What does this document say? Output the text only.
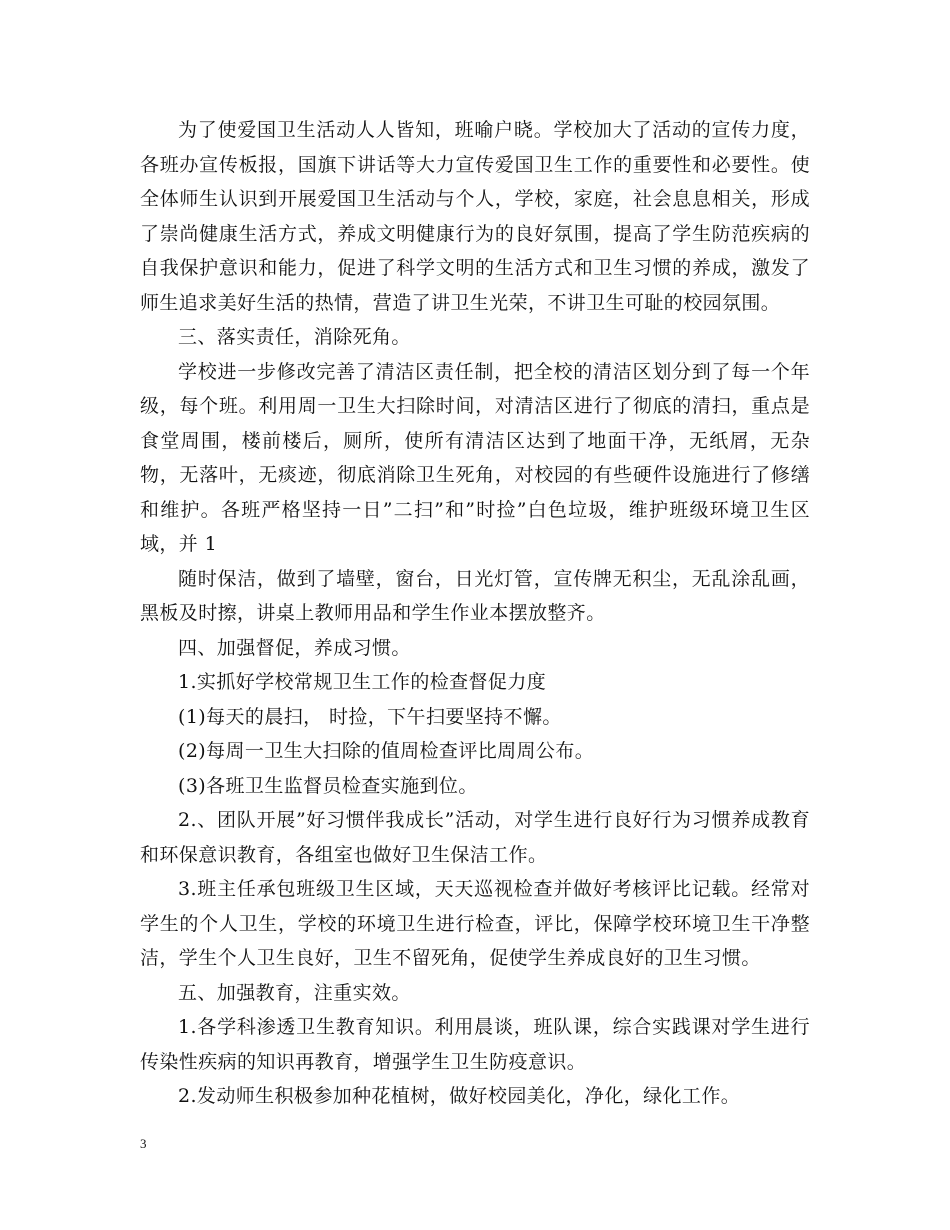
为了使爱国卫生活动人人皆知，班喻户晓。学校加大了活动的宣传力度，各班办宣传板报，国旗下讲话等大力宣传爱国卫生工作的重要性和必要性。使全体师生认识到开展爱国卫生活动与个人，学校，家庭，社会息息相关，形成了崇尚健康生活方式，养成文明健康行为的良好氛围，提高了学生防范疾病的自我保护意识和能力，促进了科学文明的生活方式和卫生习惯的养成，激发了师生追求美好生活的热情，营造了讲卫生光荣，不讲卫生可耻的校园氛围。

三、落实责任，消除死角。

学校进一步修改完善了清洁区责任制，把全校的清洁区划分到了每一个年级，每个班。利用周一卫生大扫除时间，对清洁区进行了彻底的清扫，重点是食堂周围，楼前楼后，厕所，使所有清洁区达到了地面干净，无纸屑，无杂物，无落叶，无痰迹，彻底消除卫生死角，对校园的有些硬件设施进行了修缮和维护。各班严格坚持一日”二扫”和”时捡”白色垃圾，维护班级环境卫生区域，并 1

随时保洁，做到了墙壁，窗台，日光灯管，宣传牌无积尘，无乱涂乱画，黑板及时擦，讲桌上教师用品和学生作业本摆放整齐。

四、加强督促，养成习惯。

1.实抓好学校常规卫生工作的检查督促力度

(1)每天的晨扫， 时捡，下午扫要坚持不懈。

(2)每周一卫生大扫除的值周检查评比周周公布。

(3)各班卫生监督员检查实施到位。

2.、团队开展”好习惯伴我成长”活动，对学生进行良好行为习惯养成教育和环保意识教育，各组室也做好卫生保洁工作。

3.班主任承包班级卫生区域，天天巡视检查并做好考核评比记载。经常对学生的个人卫生，学校的环境卫生进行检查，评比，保障学校环境卫生干净整洁，学生个人卫生良好，卫生不留死角，促使学生养成良好的卫生习惯。

五、加强教育，注重实效。

1.各学科渗透卫生教育知识。利用晨谈，班队课，综合实践课对学生进行传染性疾病的知识再教育，增强学生卫生防疫意识。

2.发动师生积极参加种花植树，做好校园美化，净化，绿化工作。

3
